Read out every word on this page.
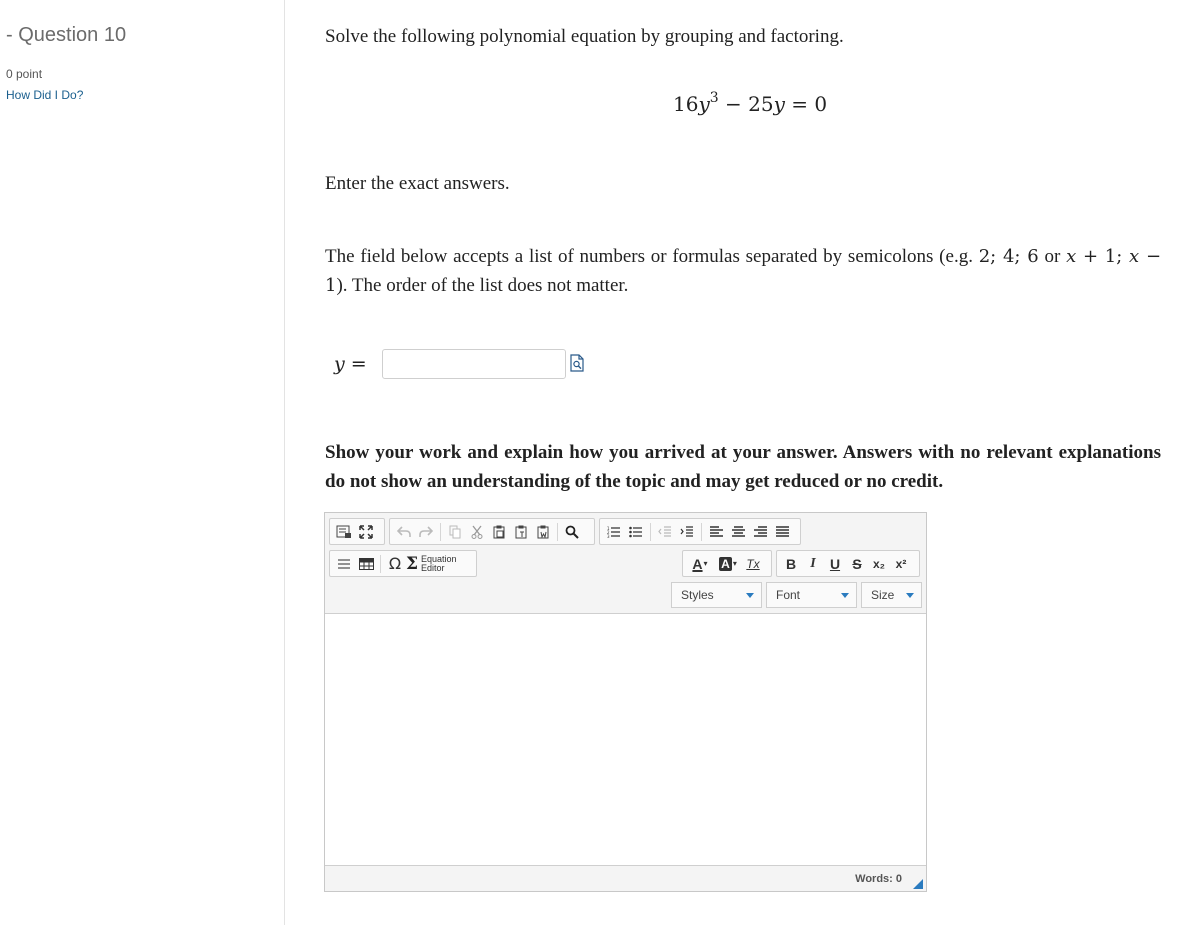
- Question 10
0 point
How Did I Do?

Solve the following polynomial equation by grouping and factoring.

$16y^3 - 25y = 0$

Enter the exact answers.

The field below accepts a list of numbers or formulas separated by semicolons (e.g. 2; 4; 6 or x + 1; x − 1). The order of the list does not matter.

y =

Show your work and explain how you arrived at your answer. Answers with no relevant explanations do not show an understanding of the topic and may get reduced or no credit.

1
2
3
Ω Σ Equation
Editor	A ▾ A ▾ Tx	B	I	U S x₂ x²
Words: 0
Styles	Font	Size
